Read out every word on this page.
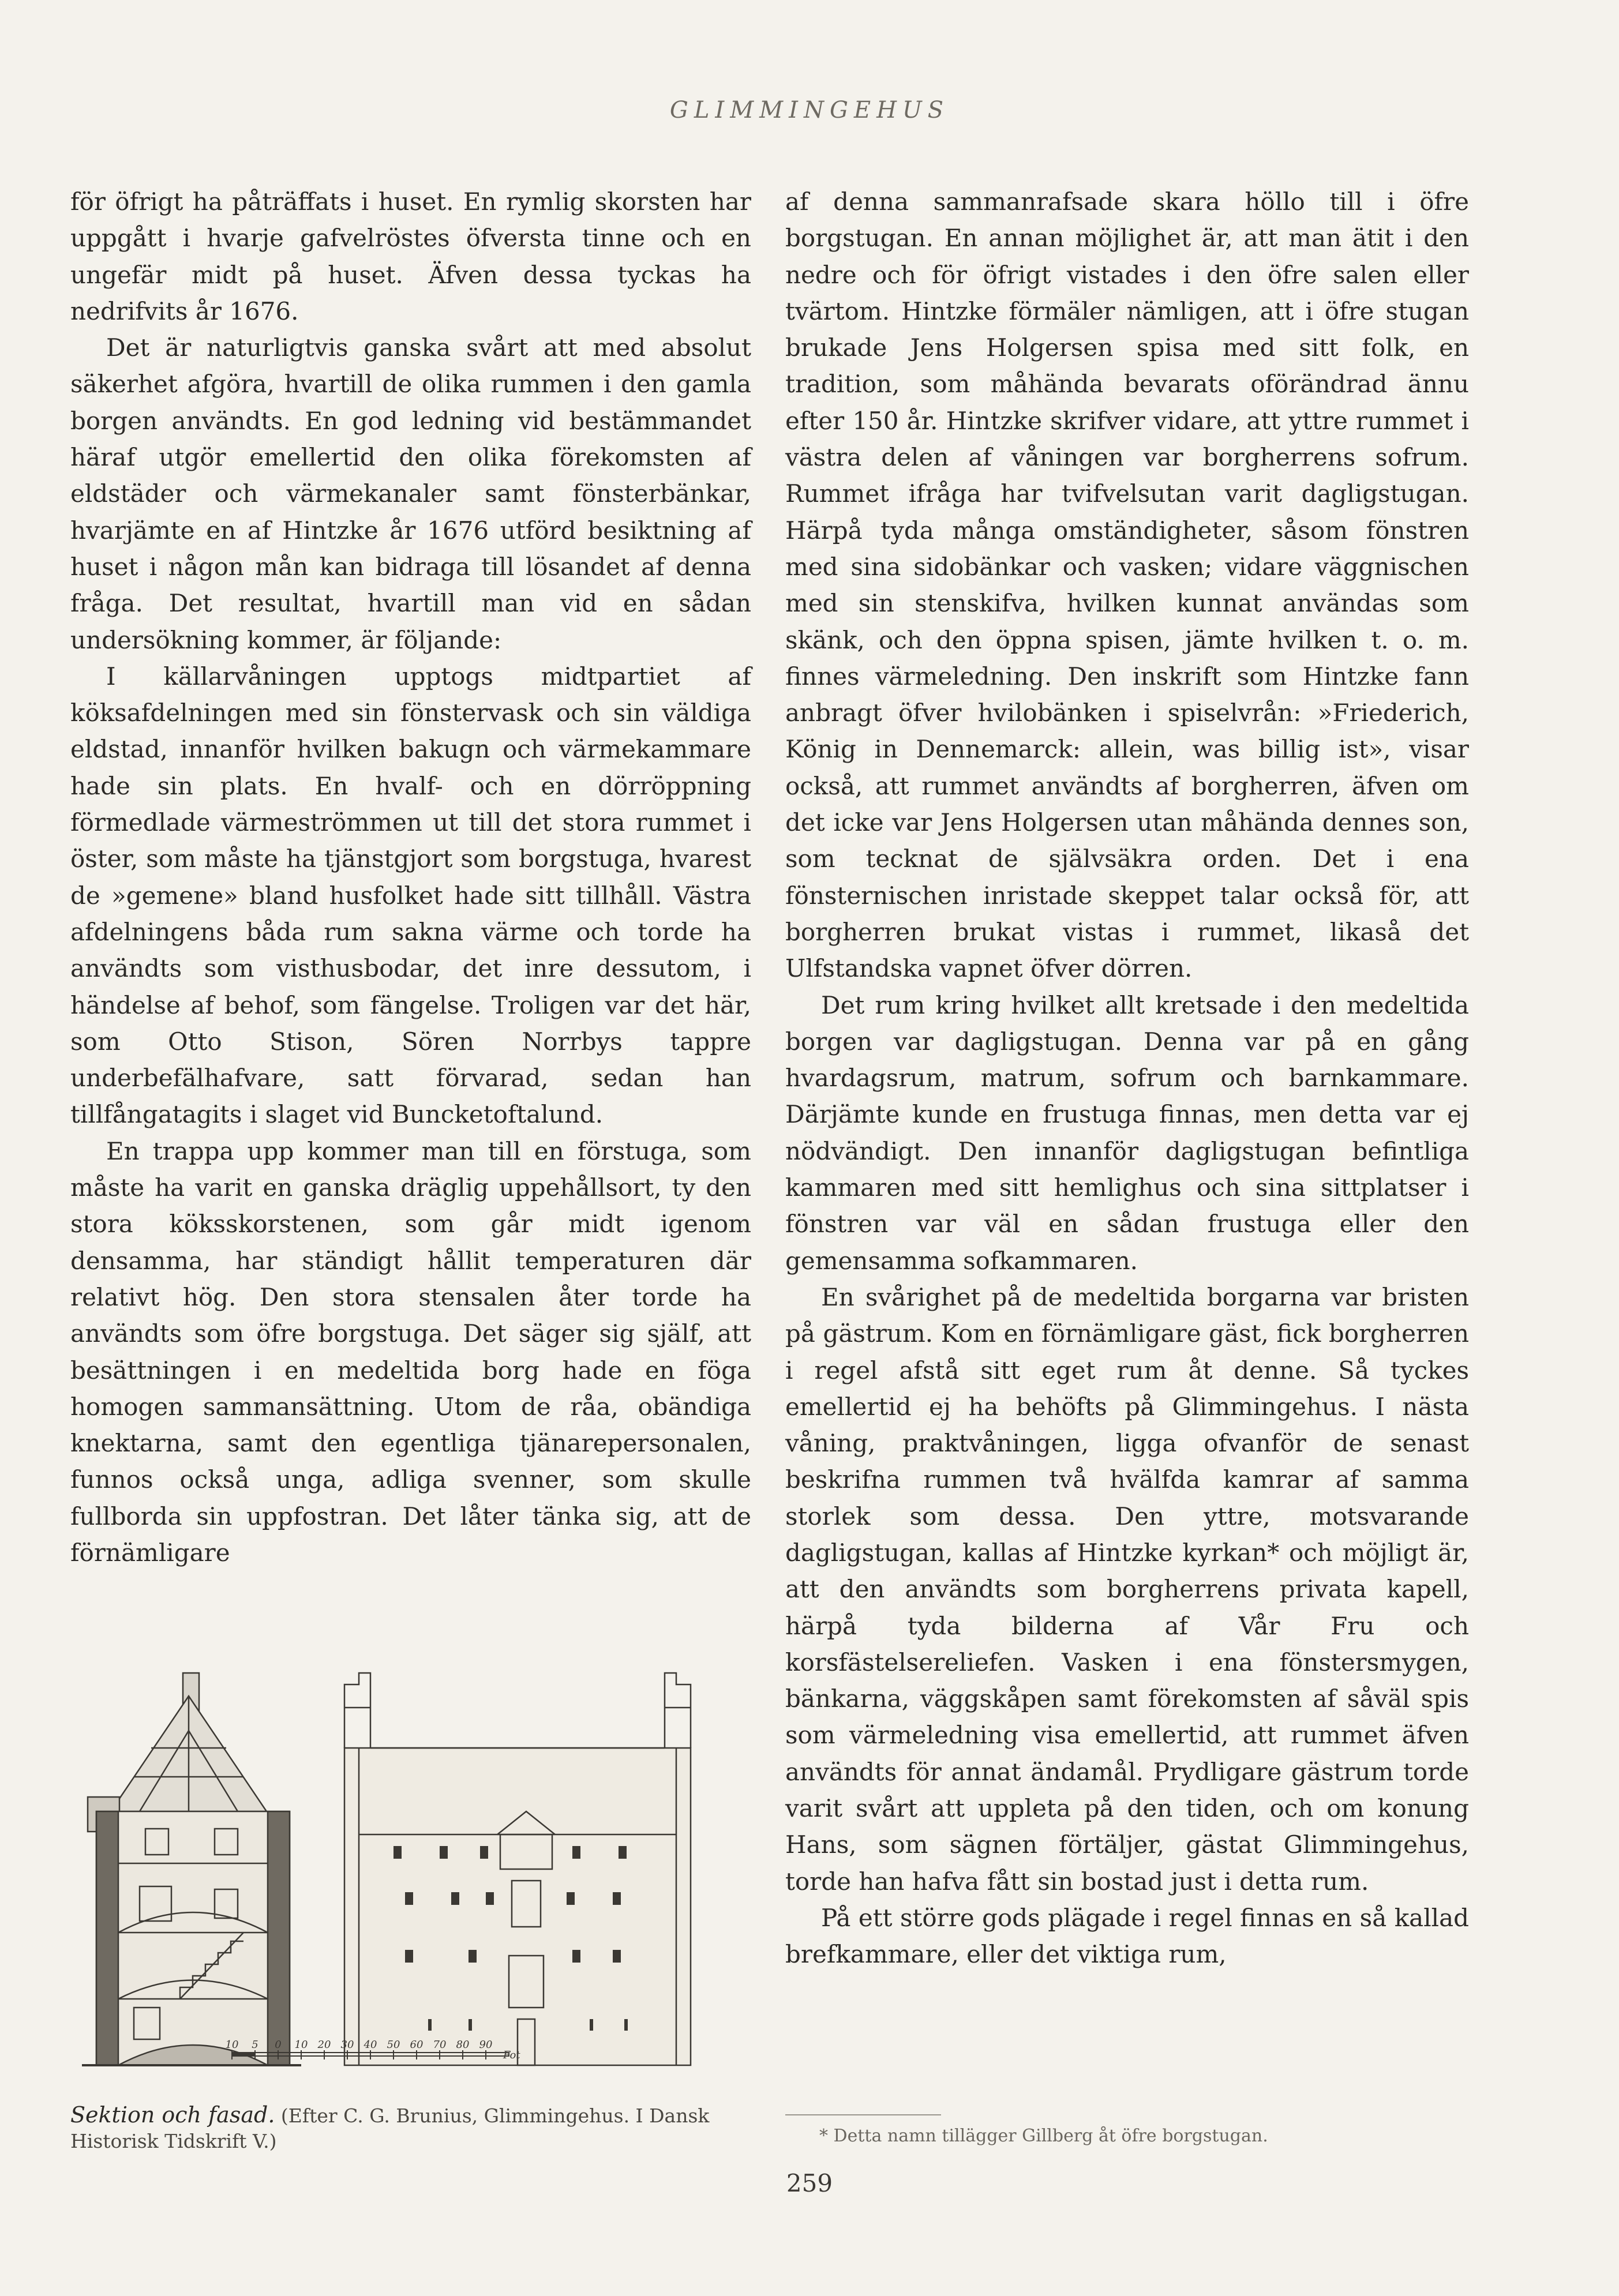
GLIMMINGEHUS

för öfrigt ha påträffats i huset. En rymlig skorsten har uppgått i hvarje gafvelröstes öfversta tinne och en ungefär midt på huset. Äfven dessa tyckas ha nedrifvits år 1676.

Det är naturligtvis ganska svårt att med absolut säkerhet afgöra, hvartill de olika rummen i den gamla borgen användts. En god ledning vid bestämmandet häraf utgör emellertid den olika förekomsten af eldstäder och värmekanaler samt fönsterbänkar, hvarjämte en af Hintzke år 1676 utförd besiktning af huset i någon mån kan bidraga till lösandet af denna fråga. Det resultat, hvartill man vid en sådan undersökning kommer, är följande:

I källarvåningen upptogs midtpartiet af köksafdelningen med sin fönstervask och sin väldiga eldstad, innanför hvilken bakugn och värmekammare hade sin plats. En hvalf- och en dörröppning förmedlade värmeströmmen ut till det stora rummet i öster, som måste ha tjänstgjort som borgstuga, hvarest de »gemene» bland husfolket hade sitt tillhåll. Västra afdelningens båda rum sakna värme och torde ha användts som visthusbodar, det inre dessutom, i händelse af behof, som fängelse. Troligen var det här, som Otto Stison, Sören Norrbys tappre underbefälhafvare, satt förvarad, sedan han tillfångatagits i slaget vid Buncketoftalund.

En trappa upp kommer man till en förstuga, som måste ha varit en ganska dräglig uppehållsort, ty den stora köksskorstenen, som går midt igenom densamma, har ständigt hållit temperaturen där relativt hög. Den stora stensalen åter torde ha användts som öfre borgstuga. Det säger sig själf, att besättningen i en medeltida borg hade en föga homogen sammansättning. Utom de råa, obändiga knektarna, samt den egentliga tjänarepersonalen, funnos också unga, adliga svenner, som skulle fullborda sin uppfostran. Det låter tänka sig, att de förnämligare

af denna sammanrafsade skara höllo till i öfre borgstugan. En annan möjlighet är, att man ätit i den nedre och för öfrigt vistades i den öfre salen eller tvärtom. Hintzke förmäler nämligen, att i öfre stugan brukade Jens Holgersen spisa med sitt folk, en tradition, som måhända bevarats oförändrad ännu efter 150 år. Hintzke skrifver vidare, att yttre rummet i västra delen af våningen var borgherrens sofrum. Rummet ifråga har tvifvelsutan varit dagligstugan. Härpå tyda många omständigheter, såsom fönstren med sina sidobänkar och vasken; vidare väggnischen med sin stenskifva, hvilken kunnat användas som skänk, och den öppna spisen, jämte hvilken t. o. m. finnes värmeledning. Den inskrift som Hintzke fann anbragt öfver hvilobänken i spiselvrån: »Friederich, König in Dennemarck: allein, was billig ist», visar också, att rummet användts af borgherren, äfven om det icke var Jens Holgersen utan måhända dennes son, som tecknat de självsäkra orden. Det i ena fönsternischen inristade skeppet talar också för, att borgherren brukat vistas i rummet, likaså det Ulfstandska vapnet öfver dörren.

Det rum kring hvilket allt kretsade i den medeltida borgen var dagligstugan. Denna var på en gång hvardagsrum, matrum, sofrum och barnkammare. Därjämte kunde en frustuga finnas, men detta var ej nödvändigt. Den innanför dagligstugan befintliga kammaren med sitt hemlighus och sina sittplatser i fönstren var väl en sådan frustuga eller den gemensamma sofkammaren.

En svårighet på de medeltida borgarna var bristen på gästrum. Kom en förnämligare gäst, fick borgherren i regel afstå sitt eget rum åt denne. Så tyckes emellertid ej ha behöfts på Glimmingehus. I nästa våning, praktvåningen, ligga ofvanför de senast beskrifna rummen två hvälfda kamrar af samma storlek som dessa. Den yttre, motsvarande dagligstugan, kallas af Hintzke kyrkan* och möjligt är, att den användts som borgherrens privata kapell, härpå tyda bilderna af Vår Fru och korsfästelsereliefen. Vasken i ena fönstersmygen, bänkarna, väggskåpen samt förekomsten af såväl spis som värmeledning visa emellertid, att rummet äfven användts för annat ändamål. Prydligare gästrum torde varit svårt att uppleta på den tiden, och om konung Hans, som sägnen förtäljer, gästat Glimmingehus, torde han hafva fått sin bostad just i detta rum.

På ett större gods plägade i regel finnas en så kallad brefkammare, eller det viktiga rum,

10 5 0 10 20 30 40 50 60 70 80 90
Fot
Sektion och fasad. (Efter C. G. Brunius, Glimmingehus. I Dansk Historisk Tidskrift V.)	* Detta namn tillägger Gillberg åt öfre borgstugan.
259
